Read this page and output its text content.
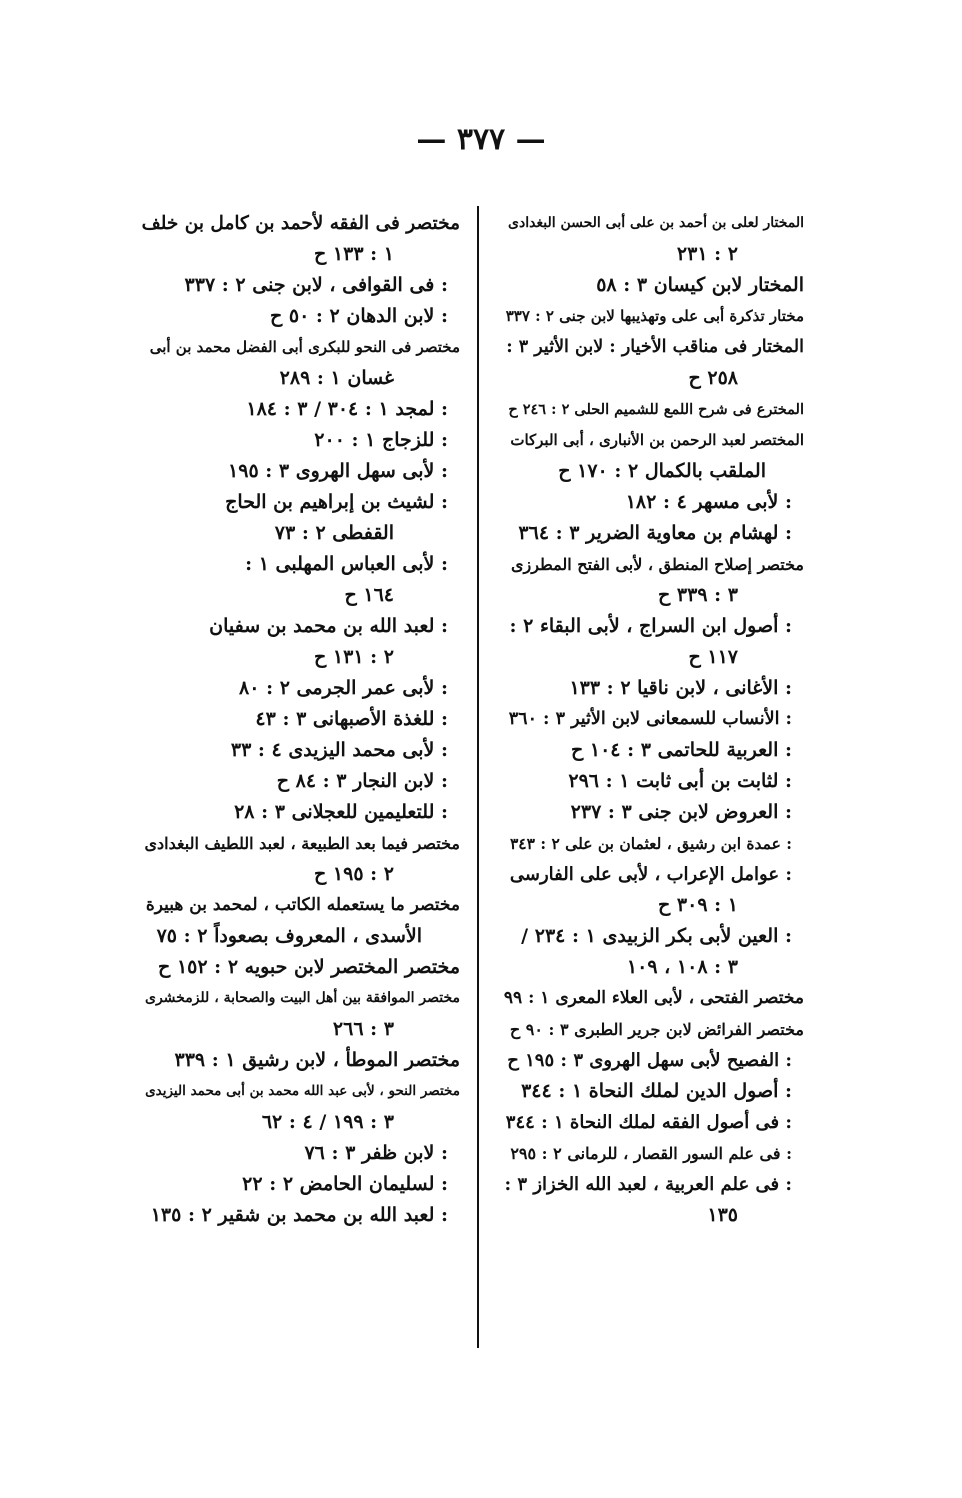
— ٣٧٧ —
المختار لعلى بن أحمد بن على أبى الحسن البغدادى
٢ : ٢٣١
المختار لابن كيسان ٣ : ٥٨
مختار تذكرة أبى على وتهذيبها لابن جنى ٢ : ٣٣٧
المختار فى مناقب الأخيار : لابن الأثير ٣ :
٢٥٨ ح
المخترع فى شرح اللمع للشميم الحلى ٢ : ٢٤٦ ح
المختصر لعبد الرحمن بن الأنبارى ، أبى البركات
الملقب بالكمال ٢ : ١٧٠ ح
: لأبى مسهر ٤ : ١٨٢
: لهشام بن معاوية الضرير ٣ : ٣٦٤
مختصر إصلاح المنطق ، لأبى الفتح المطرزى
٣ : ٣٣٩ ح
: أصول ابن السراج ، لأبى البقاء ٢ :
١١٧ ح
: الأغانى ، لابن ناقيا ٢ : ١٣٣
: الأنساب للسمعانى لابن الأثير ٣ : ٣٦٠
: العربية للحاتمى ٣ : ١٠٤ ح
: لثابت بن أبى ثابت ١ : ٢٩٦
: العروض لابن جنى ٣ : ٢٣٧
: عمدة ابن رشيق ، لعثمان بن على ٢ : ٣٤٣
: عوامل الإعراب ، لأبى على الفارسى
١ : ٣٠٩ ح
: العين لأبى بكر الزبيدى ١ : ٢٣٤ /
٣ : ١٠٨ ، ١٠٩
مختصر الفتحى ، لأبى العلاء المعرى ١ : ٩٩
مختصر الفرائض لابن جرير الطبرى ٣ : ٩٠ ح
: الفصيح لأبى سهل الهروى ٣ : ١٩٥ ح
: أصول الدين لملك النحاة ١ : ٣٤٤
: فى أصول الفقه لملك النحاة ١ : ٣٤٤
: فى علم السور القصار ، للرمانى ٢ : ٢٩٥
: فى علم العربية ، لعبد الله الخزاز ٣ :
١٣٥
مختصر فى الفقه لأحمد بن كامل بن خلف
١ : ١٣٣ ح
: فى القوافى ، لابن جنى ٢ : ٣٣٧
: لابن الدهان ٢ : ٥٠ ح
مختصر فى النحو للبكرى أبى الفضل محمد بن أبى
غسان ١ : ٢٨٩
: لمجد ١ : ٣٠٤ / ٣ : ١٨٤
: للزجاج ١ : ٢٠٠
: لأبى سهل الهروى ٣ : ١٩٥
: لشيث بن إبراهيم بن الحاج
القفطى ٢ : ٧٣
: لأبى العباس المهلبى ١ :
١٦٤ ح
: لعبد الله بن محمد بن سفيان
٢ : ١٣١ ح
: لأبى عمر الجرمى ٢ : ٨٠
: للغذة الأصبهانى ٣ : ٤٣
: لأبى محمد اليزيدى ٤ : ٣٣
: لابن النجار ٣ : ٨٤ ح
: للتعليمين للعجلانى ٣ : ٢٨
مختصر فيما بعد الطبيعة ، لعبد اللطيف البغدادى
٢ : ١٩٥ ح
مختصر ما يستعمله الكاتب ، لمحمد بن هبيرة
الأسدى ، المعروف بصعوداً ٢ : ٧٥
مختصر المختصر لابن حبويه ٢ : ١٥٢ ح
مختصر الموافقة بين أهل البيت والصحابة ، للزمخشرى
٣ : ٢٦٦
مختصر الموطأ ، لابن رشيق ١ : ٣٣٩
مختصر النحو ، لأبى عبد الله محمد بن أبى محمد اليزيدى
٣ : ١٩٩ / ٤ : ٦٢
: لابن ظفر ٣ : ٧٦
: لسليمان الحامض ٢ : ٢٢
: لعبد الله بن محمد بن شقير ٢ : ١٣٥
